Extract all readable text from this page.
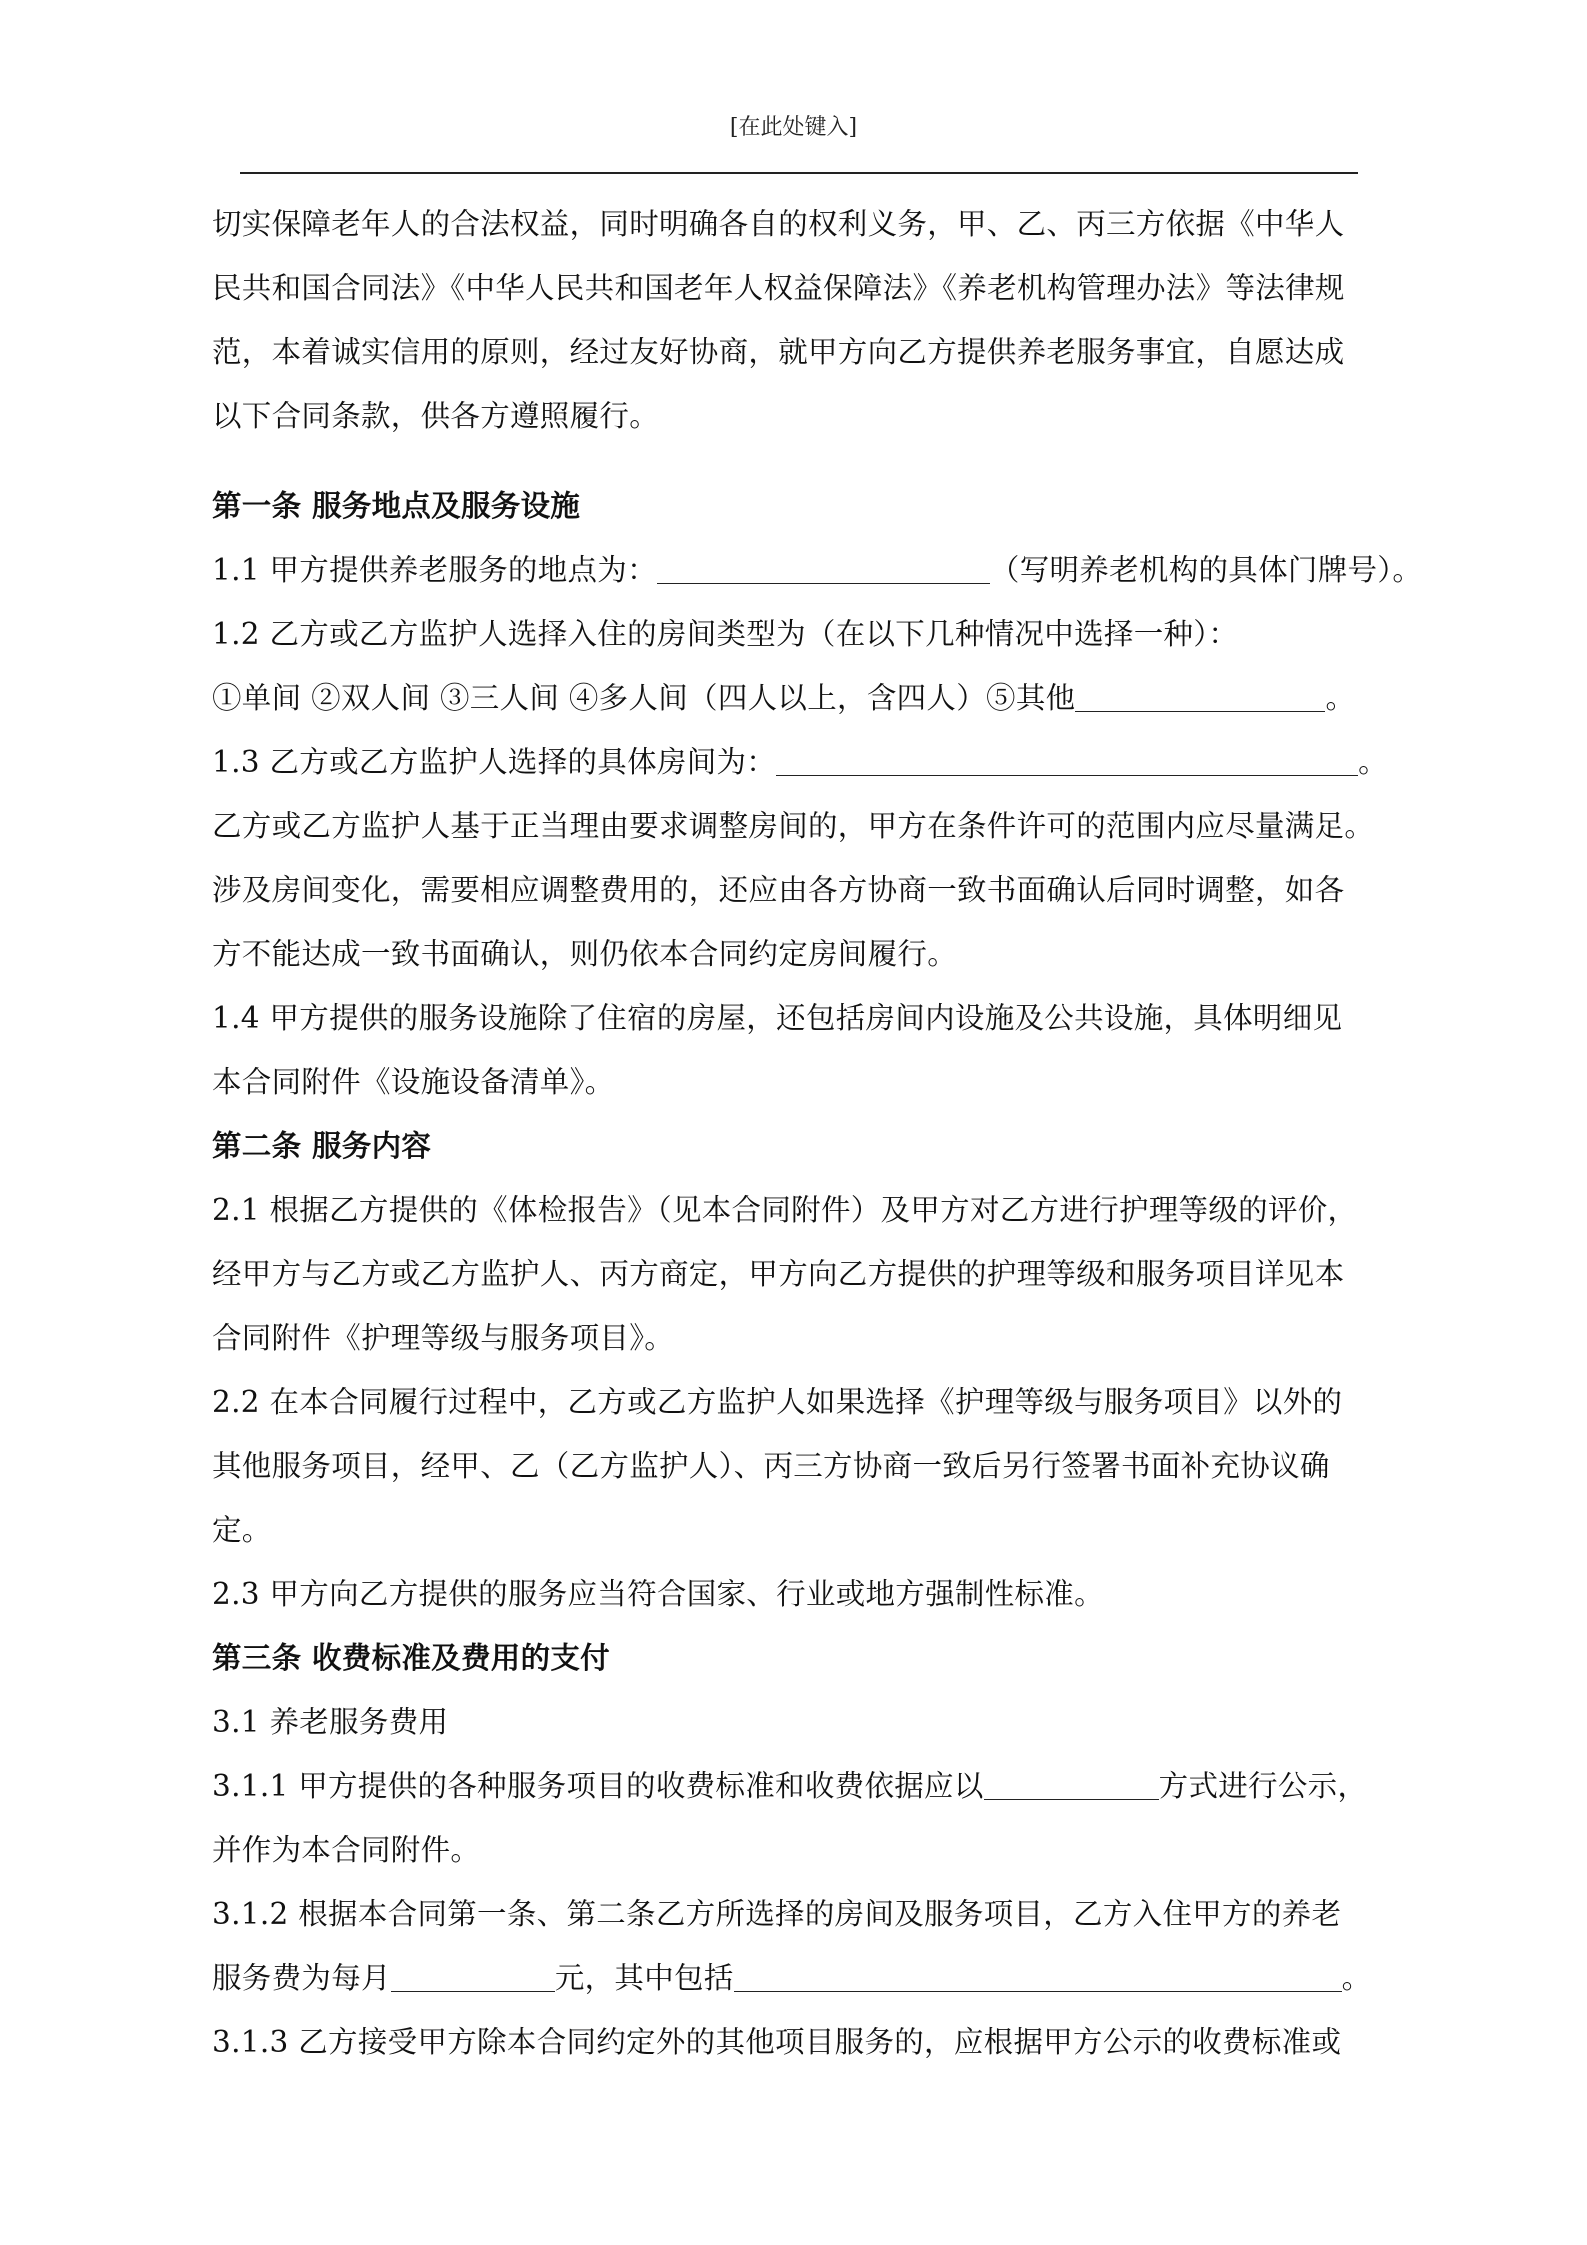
[在此处键入]
切实保障老年人的合法权益，同时明确各自的权利义务，甲、乙、丙三方依据《中华人
民共和国合同法》《中华人民共和国老年人权益保障法》《养老机构管理办法》等法律规
范，本着诚实信用的原则，经过友好协商，就甲方向乙方提供养老服务事宜，自愿达成
以下合同条款，供各方遵照履行。
第一条 服务地点及服务设施
1.1 甲方提供养老服务的地点为：	（写明养老机构的具体门牌号）。
1.2 乙方或乙方监护人选择入住的房间类型为（在以下几种情况中选择一种）：
①单间 ②双人间 ③三人间 ④多人间（四人以上，含四人）⑤其他	。
1.3 乙方或乙方监护人选择的具体房间为：	。
乙方或乙方监护人基于正当理由要求调整房间的，甲方在条件许可的范围内应尽量满足。
涉及房间变化，需要相应调整费用的，还应由各方协商一致书面确认后同时调整，如各
方不能达成一致书面确认，则仍依本合同约定房间履行。
1.4 甲方提供的服务设施除了住宿的房屋，还包括房间内设施及公共设施，具体明细见
本合同附件《设施设备清单》。
第二条 服务内容
2.1 根据乙方提供的《体检报告》（见本合同附件）及甲方对乙方进行护理等级的评价，
经甲方与乙方或乙方监护人、丙方商定，甲方向乙方提供的护理等级和服务项目详见本
合同附件《护理等级与服务项目》。
2.2 在本合同履行过程中，乙方或乙方监护人如果选择《护理等级与服务项目》以外的
其他服务项目，经甲、乙（乙方监护人）、丙三方协商一致后另行签署书面补充协议确
定。
2.3 甲方向乙方提供的服务应当符合国家、行业或地方强制性标准。
第三条 收费标准及费用的支付
3.1 养老服务费用
3.1.1 甲方提供的各种服务项目的收费标准和收费依据应以	方式进行公示，
并作为本合同附件。
3.1.2 根据本合同第一条、第二条乙方所选择的房间及服务项目，乙方入住甲方的养老
服务费为每月	元，其中包括	。
3.1.3 乙方接受甲方除本合同约定外的其他项目服务的，应根据甲方公示的收费标准或
